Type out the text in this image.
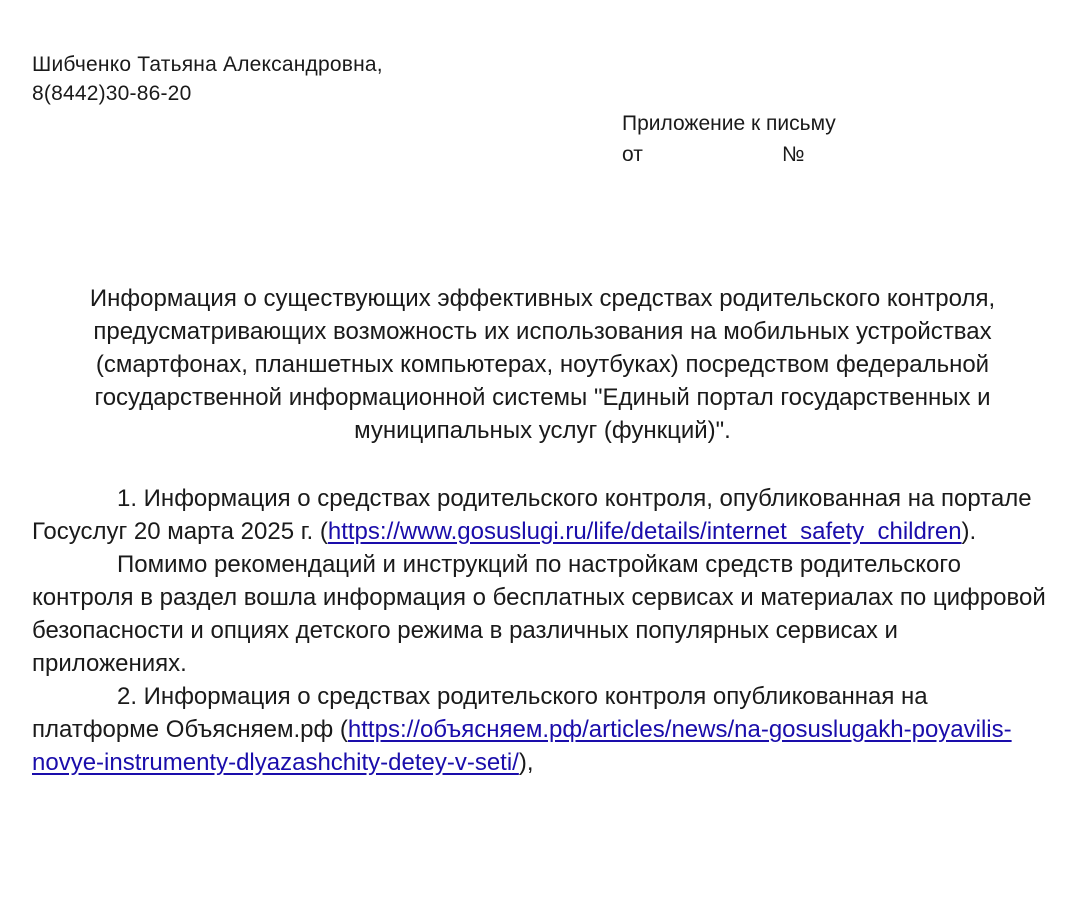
Шибченко Татьяна Александровна,
8(8442)30-86-20
Приложение к письму
от	№
Информация о существующих эффективных средствах родительского контроля, предусматривающих возможность их использования на мобильных устройствах (смартфонах, планшетных компьютерах, ноутбуках) посредством федеральной государственной информационной системы "Единый портал государственных и муниципальных услуг (функций)".

1. Информация о средствах родительского контроля, опубликованная на портале Госуслуг 20 марта 2025 г. (https://www.gosuslugi.ru/life/details/internet_safety_children).

Помимо рекомендаций и инструкций по настройкам средств родительского контроля в раздел вошла информация о бесплатных сервисах и материалах по цифровой безопасности и опциях детского режима в различных популярных сервисах и приложениях.

2. Информация о средствах родительского контроля опубликованная на платформе Объясняем.рф (https://объясняем.рф/articles/news/na-gosuslugakh-poyavilis-novye-instrumenty-dlyazashchity-detey-v-seti/),
